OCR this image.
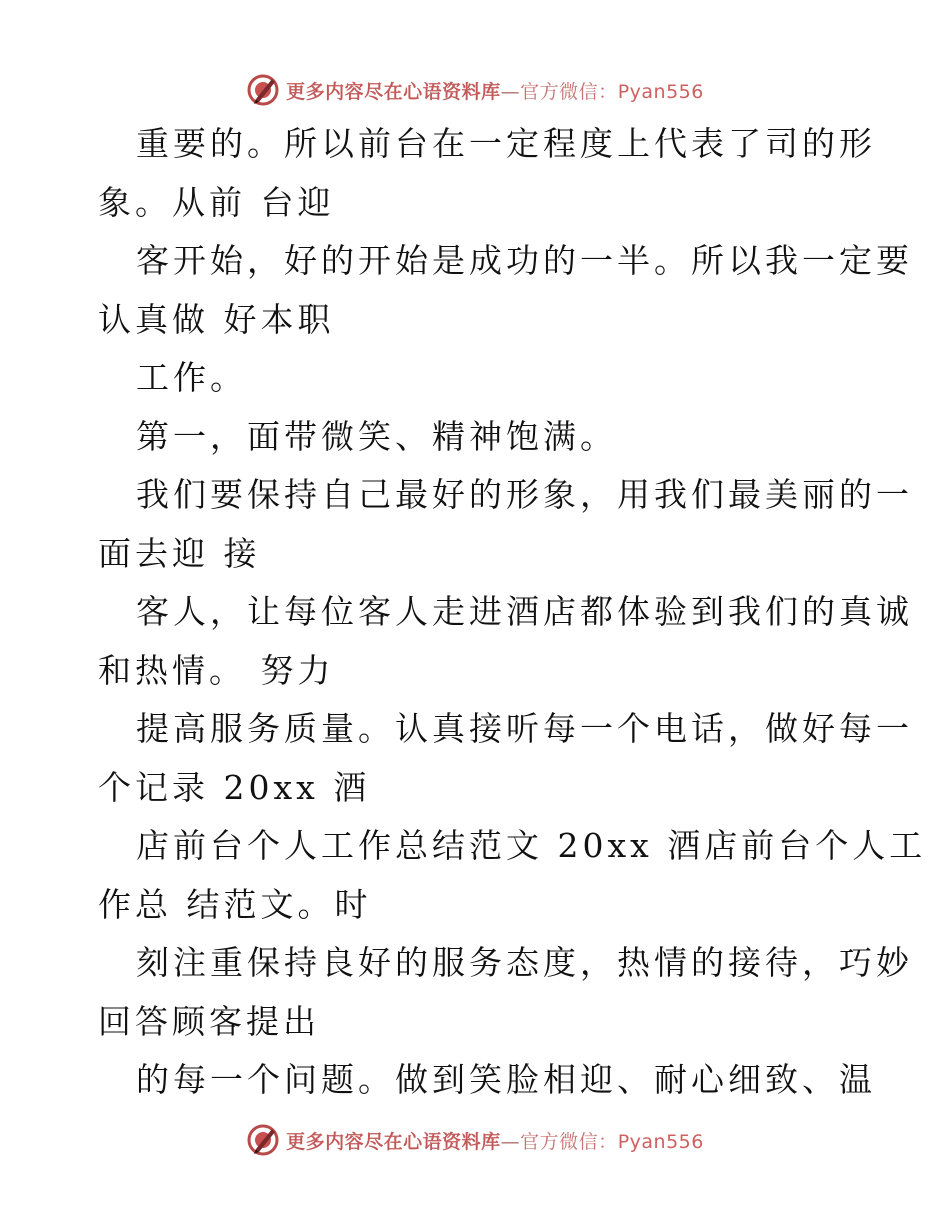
更多内容尽在心语资料库—官方微信：Pyan556
重要的。所以前台在一定程度上代表了司的形
象。从前 台迎
客开始，好的开始是成功的一半。所以我一定要
认真做 好本职
工作。
第一，面带微笑、精神饱满。
我们要保持自己最好的形象，用我们最美丽的一
面去迎 接
客人，让每位客人走进酒店都体验到我们的真诚
和热情。 努力
提高服务质量。认真接听每一个电话，做好每一
个记录 20xx 酒
店前台个人工作总结范文 20xx 酒店前台个人工
作总 结范文。时
刻注重保持良好的服务态度，热情的接待，巧妙
回答顾客提出
的每一个问题。做到笑脸相迎、耐心细致、温
更多内容尽在心语资料库—官方微信：Pyan556
